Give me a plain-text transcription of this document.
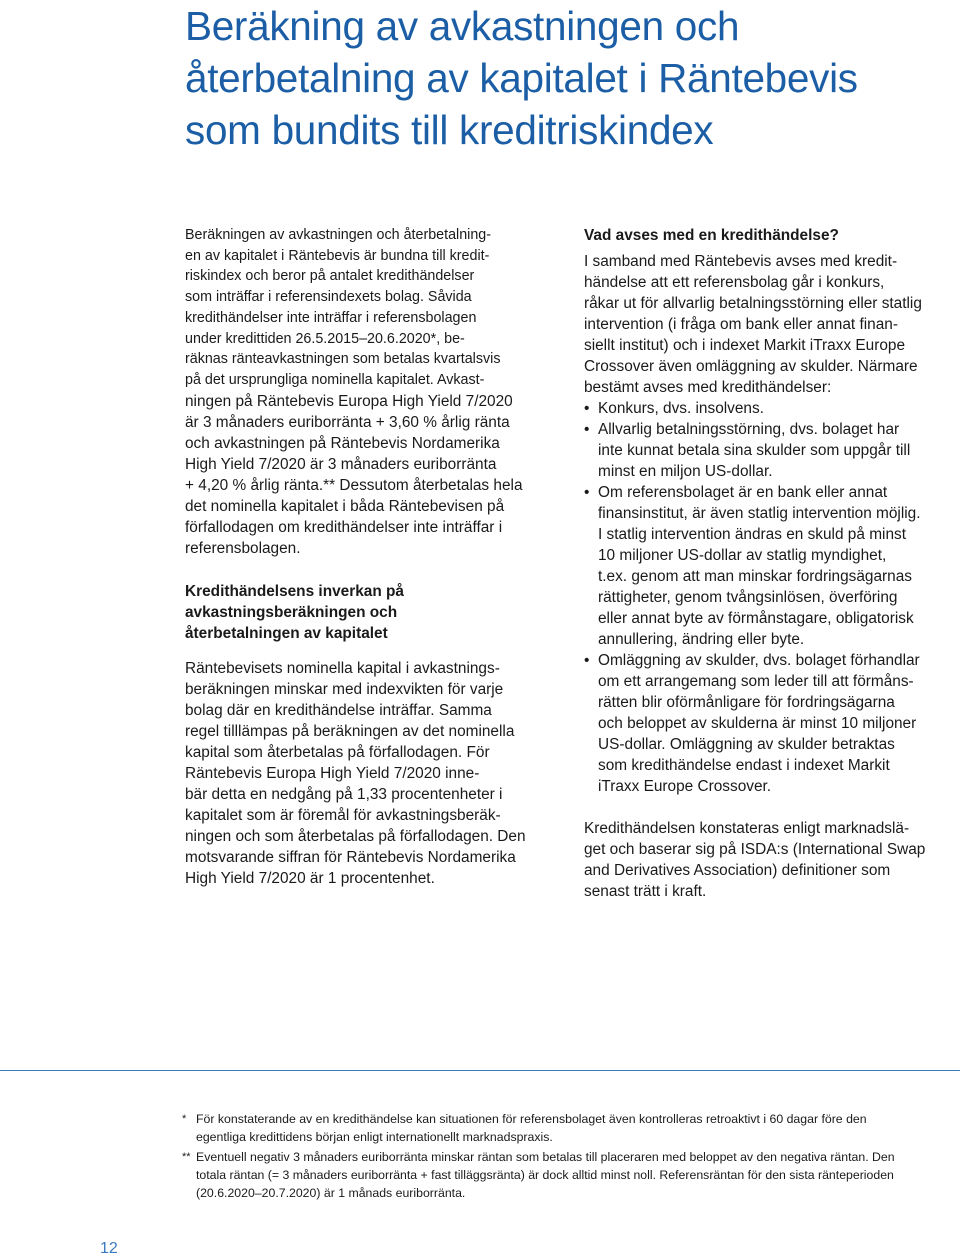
Beräkning av avkastningen och
återbetalning av kapitalet i Räntebevis
som bundits till kreditriskindex

Beräkningen av avkastningen och återbetalning-
en av kapitalet i Räntebevis är bundna till kredit-
riskindex och beror på antalet kredithändelser
som inträffar i referensindexets bolag. Såvida
kredithändelser inte inträffar i referensbolagen
under kredittiden 26.5.2015–20.6.2020*, be-
räknas ränteavkastningen som betalas kvartalsvis
på det ursprungliga nominella kapitalet. Avkast-

ningen på Räntebevis Europa High Yield 7/2020
är 3 månaders euriborränta + 3,60 % årlig ränta
och avkastningen på Räntebevis Nordamerika
High Yield 7/2020 är 3 månaders euriborränta
+ 4,20 % årlig ränta.** Dessutom återbetalas hela
det nominella kapitalet i båda Räntebevisen på
förfallodagen om kredithändelser inte inträffar i
referensbolagen.

Kredithändelsens inverkan på
avkastningsberäkningen och
återbetalningen av kapitalet

Räntebevisets nominella kapital i avkastnings-
beräkningen minskar med indexvikten för varje
bolag där en kredithändelse inträffar. Samma
regel tilllämpas på beräkningen av det nominella
kapital som återbetalas på förfallodagen. För
Räntebevis Europa High Yield 7/2020 inne-
bär detta en nedgång på 1,33 procentenheter i
kapitalet som är föremål för avkastningsberäk-
ningen och som återbetalas på förfallodagen. Den
motsvarande siffran för Räntebevis Nordamerika
High Yield 7/2020 är 1 procentenhet.

Vad avses med en kredithändelse?

I samband med Räntebevis avses med kredit-
händelse att ett referensbolag går i konkurs,
råkar ut för allvarlig betalningsstörning eller statlig
intervention (i fråga om bank eller annat finan-
siellt institut) och i indexet Markit iTraxx Europe
Crossover även omläggning av skulder. Närmare
bestämt avses med kredithändelser:

• Konkurs, dvs. insolvens.
• Allvarlig betalningsstörning, dvs. bolaget har
inte kunnat betala sina skulder som uppgår till
minst en miljon US-dollar.
• Om referensbolaget är en bank eller annat
finansinstitut, är även statlig intervention möjlig.
I statlig intervention ändras en skuld på minst
10 miljoner US-dollar av statlig myndighet,
t.ex. genom att man minskar fordringsägarnas
rättigheter, genom tvångsinlösen, överföring
eller annat byte av förmånstagare, obligatorisk
annullering, ändring eller byte.
• Omläggning av skulder, dvs. bolaget förhandlar
om ett arrangemang som leder till att förmåns-
rätten blir oförmånligare för fordringsägarna
och beloppet av skulderna är minst 10 miljoner
US-dollar. Omläggning av skulder betraktas
som kredithändelse endast i indexet Markit
iTraxx Europe Crossover.

Kredithändelsen konstateras enligt marknadslä-
get och baserar sig på ISDA:s (International Swap
and Derivatives Association) definitioner som
senast trätt i kraft.

* För konstaterande av en kredithändelse kan situationen för referensbolaget även kontrolleras retroaktivt i 60 dagar före den
egentliga kredittidens början enligt internationellt marknadspraxis.
** Eventuell negativ 3 månaders euriborränta minskar räntan som betalas till placeraren med beloppet av den negativa räntan. Den
totala räntan (= 3 månaders euriborränta + fast tilläggsränta) är dock alltid minst noll. Referensräntan för den sista ränteperioden
(20.6.2020–20.7.2020) är 1 månads euriborränta.
12
